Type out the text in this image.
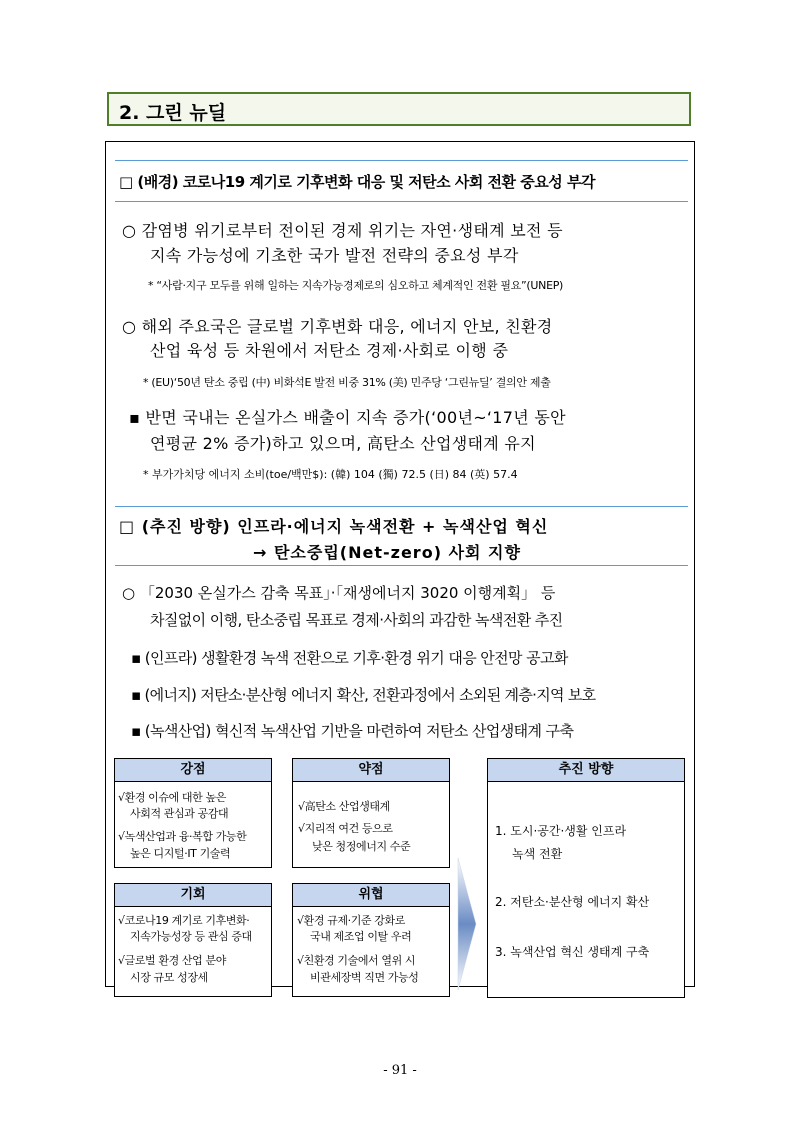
2. 그린 뉴딜
□ (배경) 코로나19 계기로 기후변화 대응 및 저탄소 사회 전환 중요성 부각
○ 감염병 위기로부터 전이된 경제 위기는 자연·생태계 보전 등
지속 가능성에 기초한 국가 발전 전략의 중요성 부각
* “사람·지구 모두를 위해 일하는 지속가능경제로의 심오하고 체계적인 전환 필요”(UNEP)
○ 해외 주요국은 글로벌 기후변화 대응, 에너지 안보, 친환경
산업 육성 등 차원에서 저탄소 경제·사회로 이행 중
* (EU)‘50년 탄소 중립 (中) 비화석E 발전 비중 31% (美) 민주당 ‘그린뉴딜’ 결의안 제출
▪ 반면 국내는 온실가스 배출이 지속 증가(‘00년~‘17년 동안
연평균 2% 증가)하고 있으며, 高탄소 산업생태계 유지
* 부가가치당 에너지 소비(toe/백만$): (韓) 104 (獨) 72.5 (日) 84 (英) 57.4
□ (추진 방향) 인프라·에너지 녹색전환 + 녹색산업 혁신
→ 탄소중립(Net-zero) 사회 지향
○ 「2030 온실가스 감축 목표」·「재생에너지 3020 이행계획」 등
차질없이 이행, 탄소중립 목표로 경제·사회의 과감한 녹색전환 추진
▪ (인프라) 생활환경 녹색 전환으로 기후·환경 위기 대응 안전망 공고화
▪ (에너지) 저탄소·분산형 에너지 확산, 전환과정에서 소외된 계층·지역 보호
▪ (녹색산업) 혁신적 녹색산업 기반을 마련하여 저탄소 산업생태계 구축
강점
√환경 이슈에 대한 높은
사회적 관심과 공감대
√녹색산업과 융·복합 가능한
높은 디지털·IT 기술력
약점
√高탄소 산업생태계
√지리적 여건 등으로
낮은 청정에너지 수준
기회
√코로나19 계기로 기후변화·
지속가능성장 등 관심 증대
√글로벌 환경 산업 분야
시장 규모 성장세
위협
√환경 규제·기준 강화로
국내 제조업 이탈 우려
√친환경 기술에서 열위 시
비관세장벽 직면 가능성
추진 방향
1. 도시·공간·생활 인프라
녹색 전환
2. 저탄소·분산형 에너지 확산
3. 녹색산업 혁신 생태계 구축
- 91 -
